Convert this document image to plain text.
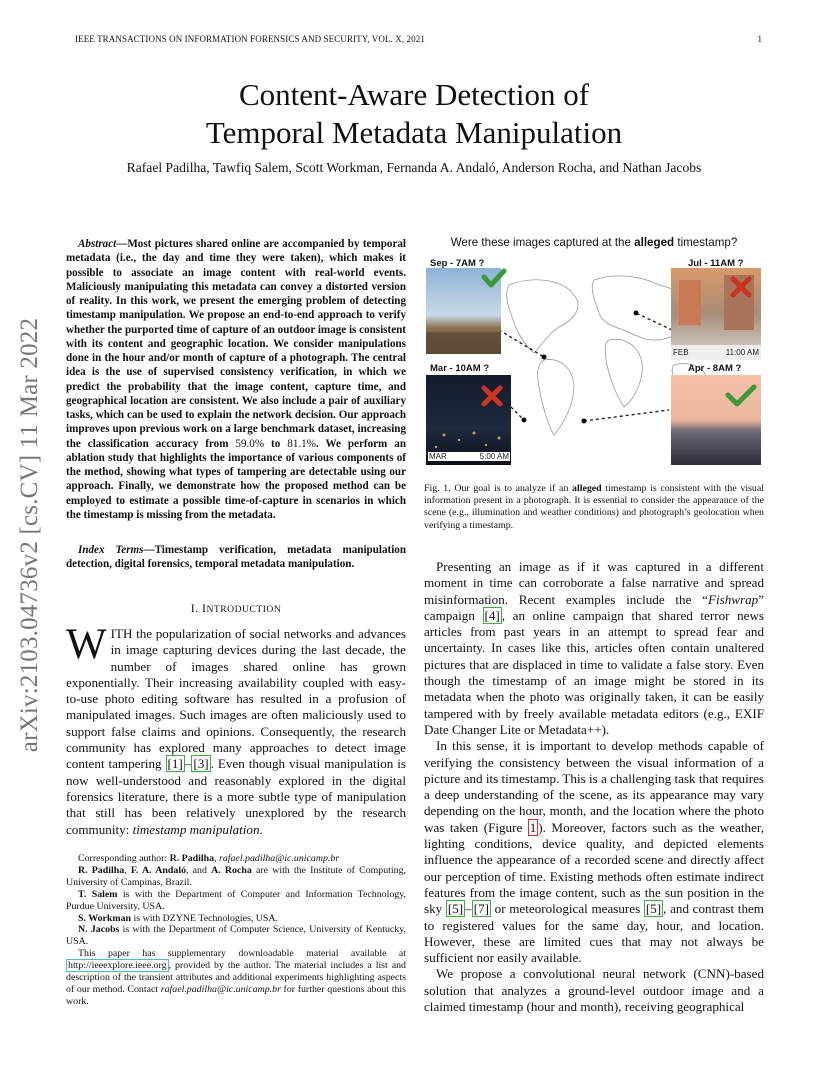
IEEE TRANSACTIONS ON INFORMATION FORENSICS AND SECURITY, VOL. X, 2021	1
Content-Aware Detection of
Temporal Metadata Manipulation
Rafael Padilha, Tawfiq Salem, Scott Workman, Fernanda A. Andaló, Anderson Rocha, and Nathan Jacobs
arXiv:2103.04736v2 [cs.CV] 11 Mar 2022
Abstract—Most pictures shared online are accompanied by temporal metadata (i.e., the day and time they were taken), which makes it possible to associate an image content with real-world events. Maliciously manipulating this metadata can convey a distorted version of reality. In this work, we present the emerging problem of detecting timestamp manipulation. We propose an end-to-end approach to verify whether the purported time of capture of an outdoor image is consistent with its content and geographic location. We consider manipulations done in the hour and/or month of capture of a photograph. The central idea is the use of supervised consistency verification, in which we predict the probability that the image content, capture time, and geographical location are consistent. We also include a pair of auxiliary tasks, which can be used to explain the network decision. Our approach improves upon previous work on a large benchmark dataset, increasing the classification accuracy from 59.0% to 81.1%. We perform an ablation study that highlights the importance of various components of the method, showing what types of tampering are detectable using our approach. Finally, we demonstrate how the proposed method can be employed to estimate a possible time-of-capture in scenarios in which the timestamp is missing from the metadata.
Index Terms—Timestamp verification, metadata manipulation detection, digital forensics, temporal metadata manipulation.
I. INTRODUCTION
WITH the popularization of social networks and advances in image capturing devices during the last decade, the number of images shared online has grown exponentially. Their increasing availability coupled with easy-to-use photo editing software has resulted in a profusion of manipulated images. Such images are often maliciously used to support false claims and opinions. Consequently, the research community has explored many approaches to detect image content tampering [1] – [3] . Even though visual manipulation is now well-understood and reasonably explored in the digital forensics literature, there is a more subtle type of manipulation that still has been relatively unexplored by the research community: timestamp manipulation.

Corresponding author: R. Padilha, rafael.padilha@ic.unicamp.br

R. Padilha, F. A. Andaló, and A. Rocha are with the Institute of Computing, University of Campinas, Brazil.

T. Salem is with the Department of Computer and Information Technology, Purdue University, USA.

S. Workman is with DZYNE Technologies, USA.

N. Jacobs is with the Department of Computer Science, University of Kentucky, USA.

This paper has supplementary downloadable material available at http://ieeexplore.ieee.org , provided by the author. The material includes a list and description of the transient attributes and additional experiments highlighting aspects of our method. Contact rafael.padilha@ic.unicamp.br for further questions about this work.

Were these images captured at the alleged timestamp?
Sep - 7AM ?	Jul - 11AM ?
Mar - 10AM ?	Apr - 8AM ?
FEB	11:00 AM
MAR	5:00 AM
Fig. 1. Our goal is to analyze if an alleged timestamp is consistent with the visual information present in a photograph. It is essential to consider the appearance of the scene (e.g., illumination and weather conditions) and photograph’s geolocation when verifying a timestamp.

Presenting an image as if it was captured in a different moment in time can corroborate a false narrative and spread misinformation. Recent examples include the “Fishwrap” campaign [4] , an online campaign that shared terror news articles from past years in an attempt to spread fear and uncertainty. In cases like this, articles often contain unaltered pictures that are displaced in time to validate a false story. Even though the timestamp of an image might be stored in its metadata when the photo was originally taken, it can be easily tampered with by freely available metadata editors (e.g., EXIF Date Changer Lite or Metadata++).

In this sense, it is important to develop methods capable of verifying the consistency between the visual information of a picture and its timestamp. This is a challenging task that requires a deep understanding of the scene, as its appearance may vary depending on the hour, month, and the location where the photo was taken (Figure 1 ). Moreover, factors such as the weather, lighting conditions, device quality, and depicted elements influence the appearance of a recorded scene and directly affect our perception of time. Existing methods often estimate indirect features from the image content, such as the sun position in the sky [5] – [7] or meteorological measures [5] , and contrast them to registered values for the same day, hour, and location. However, these are limited cues that may not always be sufficient nor easily available.

We propose a convolutional neural network (CNN)-based solution that analyzes a ground-level outdoor image and a claimed timestamp (hour and month), receiving geographical
